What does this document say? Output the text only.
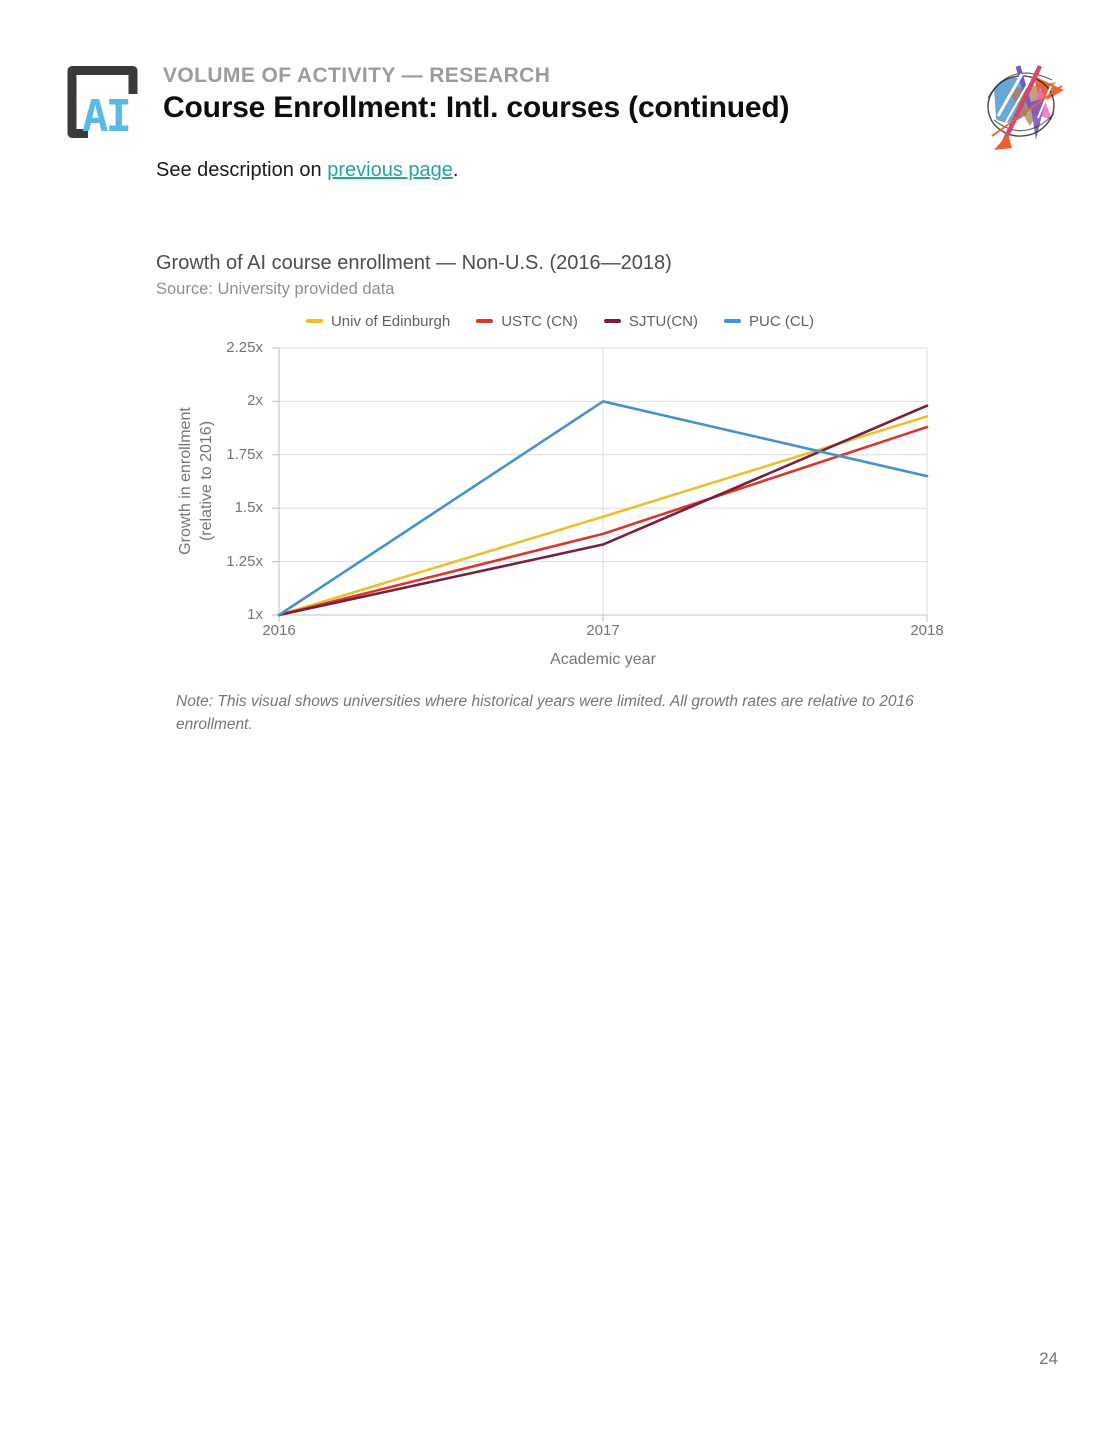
AI
VOLUME OF ACTIVITY — RESEARCH
Course Enrollment: Intl. courses (continued)

See description on previous page.

Growth of AI course enrollment — Non-U.S. (2016—2018)
Source: University provided data
Univ of Edinburgh	USTC (CN)	SJTU(CN)	PUC (CL)
Growth in enrollment (relative to 2016)
1x
1.25x
1.5x
1.75x
2x
2.25x
2016	2017	2018
Academic year
Note: This visual shows universities where historical years were limited. All growth rates are relative to 2016 enrollment.
24
